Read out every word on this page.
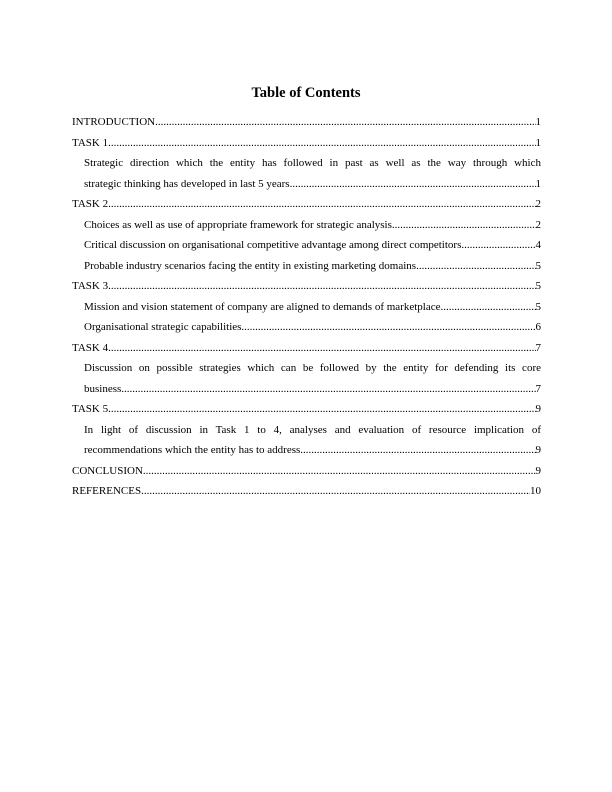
Table of Contents
INTRODUCTION .....	1
TASK 1 .....	1
Strategic direction which the entity has followed in past as well as the way through which
strategic thinking has developed in last 5 years .....	1
TASK 2 .....	2
Choices as well as use of appropriate framework for strategic analysis .....	2
Critical discussion on organisational competitive advantage among direct competitors .....	4
Probable industry scenarios facing the entity in existing marketing domains .....	5
TASK 3 .....	5
Mission and vision statement of company are aligned to demands of marketplace .....	5
Organisational strategic capabilities .....	6
TASK 4 .....	7
Discussion on possible strategies which can be followed by the entity for defending its core
business .....	7
TASK 5 .....	9
In light of discussion in Task 1 to 4, analyses and evaluation of resource implication of
recommendations which the entity has to address .....	9
CONCLUSION .....	9
REFERENCES .....	10
